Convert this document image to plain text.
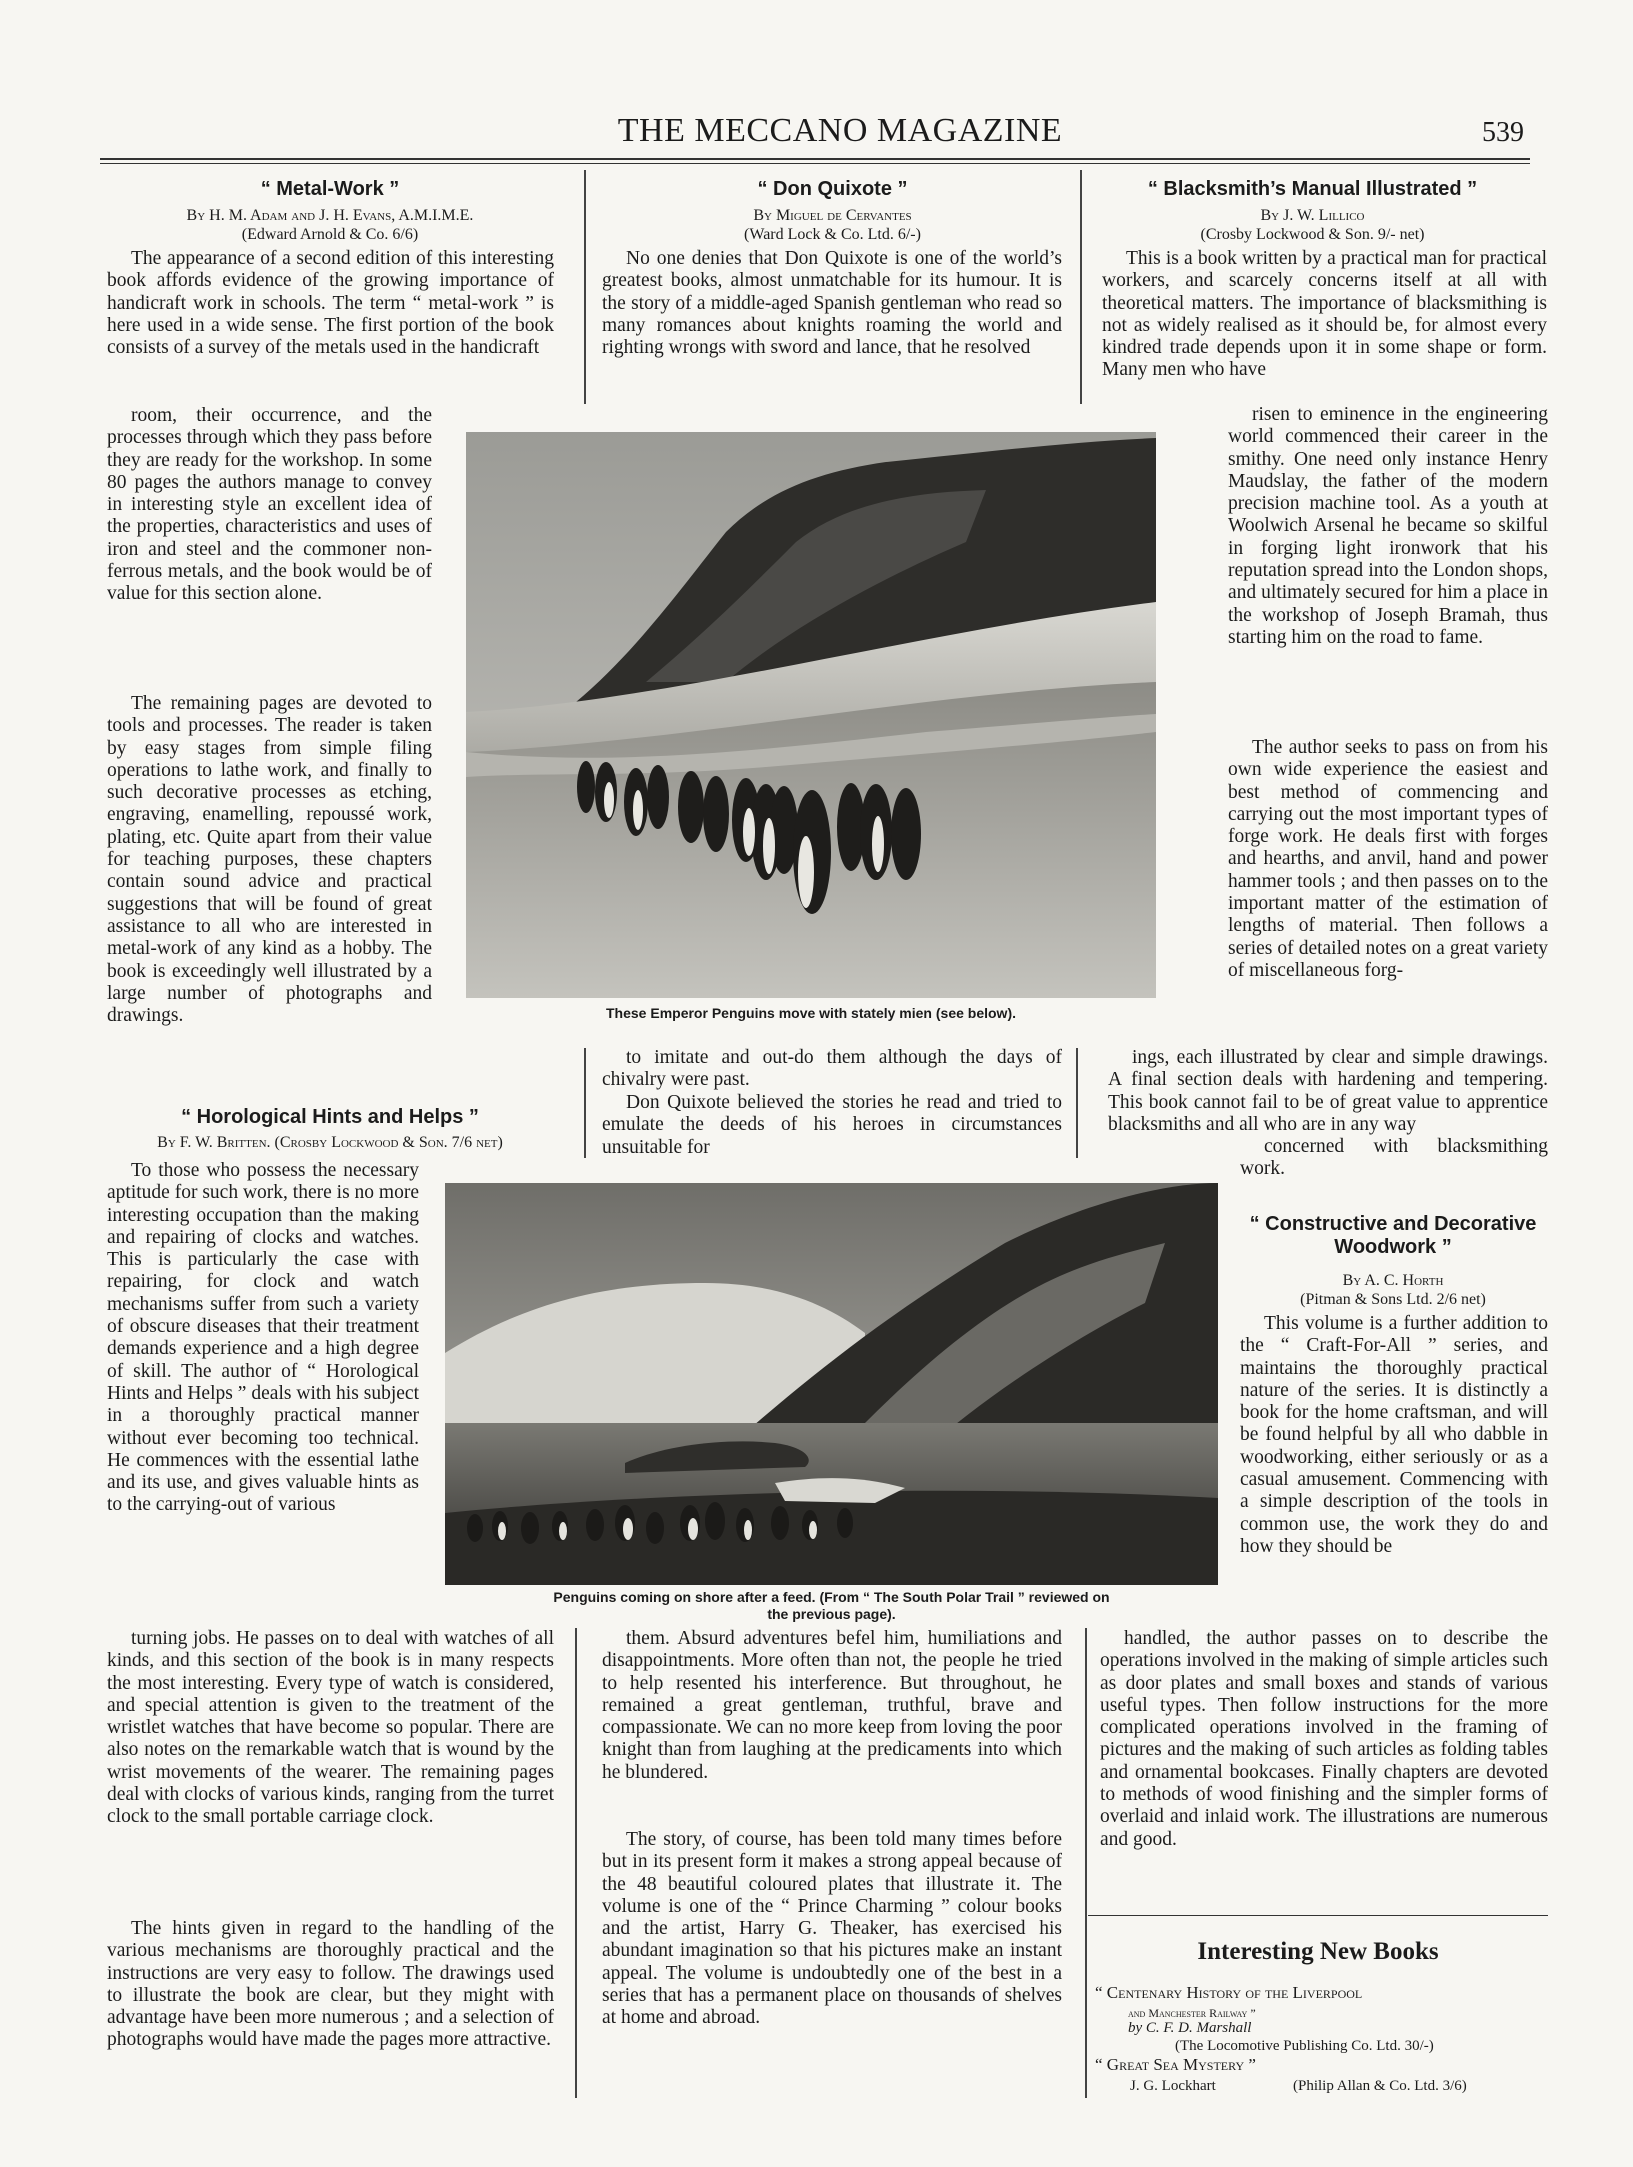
THE MECCANO MAGAZINE	539
“ Metal-Work ”
By H. M. Adam and J. H. Evans, A.M.I.M.E.
(Edward Arnold & Co. 6/6)
The appearance of a second edition of this interesting book affords evidence of the growing importance of handicraft work in schools. The term “ metal-work ” is here used in a wide sense. The first portion of the book consists of a survey of the metals used in the handicraft
room, their occurrence, and the processes through which they pass before they are ready for the workshop. In some 80 pages the authors manage to convey in interesting style an excellent idea of the properties, characteristics and uses of iron and steel and the commoner non-ferrous metals, and the book would be of value for this section alone.
The remaining pages are devoted to tools and processes. The reader is taken by easy stages from simple filing operations to lathe work, and finally to such decorative processes as etching, engraving, enamelling, repoussé work, plating, etc. Quite apart from their value for teaching purposes, these chapters contain sound advice and practical suggestions that will be found of great assistance to all who are interested in metal-work of any kind as a hobby. The book is exceedingly well illustrated by a large number of photographs and drawings.
“ Horological Hints and Helps ”
By F. W. Britten. (Crosby Lockwood & Son. 7/6 net)
To those who possess the necessary aptitude for such work, there is no more interesting occupation than the making and repairing of clocks and watches. This is particularly the case with repairing, for clock and watch mechanisms suffer from such a variety of obscure diseases that their treatment demands experience and a high degree of skill. The author of “ Horological Hints and Helps ” deals with his subject in a thoroughly practical manner without ever becoming too technical. He commences with the essential lathe and its use, and gives valuable hints as to the carrying-out of various
turning jobs. He passes on to deal with watches of all kinds, and this section of the book is in many respects the most interesting. Every type of watch is considered, and special attention is given to the treatment of the wristlet watches that have become so popular. There are also notes on the remarkable watch that is wound by the wrist movements of the wearer. The remaining pages deal with clocks of various kinds, ranging from the turret clock to the small portable carriage clock.
The hints given in regard to the handling of the various mechanisms are thoroughly practical and the instructions are very easy to follow. The drawings used to illustrate the book are clear, but they might with advantage have been more numerous ; and a selection of photographs would have made the pages more attractive.
“ Don Quixote ”
By Miguel de Cervantes
(Ward Lock & Co. Ltd. 6/-)
No one denies that Don Quixote is one of the world’s greatest books, almost unmatchable for its humour. It is the story of a middle-aged Spanish gentleman who read so many romances about knights roaming the world and righting wrongs with sword and lance, that he resolved
to imitate and out-do them although the days of chivalry were past.
Don Quixote believed the stories he read and tried to emulate the deeds of his heroes in circumstances unsuitable for
them. Absurd adventures befel him, humiliations and disappointments. More often than not, the people he tried to help resented his interference. But throughout, he remained a great gentleman, truthful, brave and compassionate. We can no more keep from loving the poor knight than from laughing at the predicaments into which he blundered.
The story, of course, has been told many times before but in its present form it makes a strong appeal because of the 48 beautiful coloured plates that illustrate it. The volume is one of the “ Prince Charming ” colour books and the artist, Harry G. Theaker, has exercised his abundant imagination so that his pictures make an instant appeal. The volume is undoubtedly one of the best in a series that has a permanent place on thousands of shelves at home and abroad.
“ Blacksmith’s Manual Illustrated ”
By J. W. Lillico
(Crosby Lockwood & Son. 9/- net)
This is a book written by a practical man for practical workers, and scarcely concerns itself at all with theoretical matters. The importance of blacksmithing is not as widely realised as it should be, for almost every kindred trade depends upon it in some shape or form. Many men who have
risen to eminence in the engineering world commenced their career in the smithy. One need only instance Henry Maudslay, the father of the modern precision machine tool. As a youth at Woolwich Arsenal he became so skilful in forging light ironwork that his reputation spread into the London shops, and ultimately secured for him a place in the workshop of Joseph Bramah, thus starting him on the road to fame.
The author seeks to pass on from his own wide experience the easiest and best method of commencing and carrying out the most important types of forge work. He deals first with forges and hearths, and anvil, hand and power hammer tools ; and then passes on to the important matter of the estimation of lengths of material. Then follows a series of detailed notes on a great variety of miscellaneous forg-
ings, each illustrated by clear and simple drawings. A final section deals with hardening and tempering. This book cannot fail to be of great value to apprentice blacksmiths and all who are in any way
concerned with blacksmithing work.
“ Constructive and Decorative Woodwork ”
By A. C. Horth
(Pitman & Sons Ltd. 2/6 net)
This volume is a further addition to the “ Craft-For-All ” series, and maintains the thoroughly practical nature of the series. It is distinctly a book for the home craftsman, and will be found helpful by all who dabble in woodworking, either seriously or as a casual amusement. Commencing with a simple description of the tools in common use, the work they do and how they should be
handled, the author passes on to describe the operations involved in the making of simple articles such as door plates and small boxes and stands of various useful types. Then follow instructions for the more complicated operations involved in the framing of pictures and the making of such articles as folding tables and ornamental bookcases. Finally chapters are devoted to methods of wood finishing and the simpler forms of overlaid and inlaid work. The illustrations are numerous and good.
Interesting New Books
“ Centenary History of the Liverpool
and Manchester Railway ”
by C. F. D. Marshall
(The Locomotive Publishing Co. Ltd. 30/-)
“ Great Sea Mystery ”
J. G. Lockhart	(Philip Allan & Co. Ltd. 3/6)
These Emperor Penguins move with stately mien (see below).
Penguins coming on shore after a feed. (From “ The South Polar Trail ” reviewed on
the previous page).
